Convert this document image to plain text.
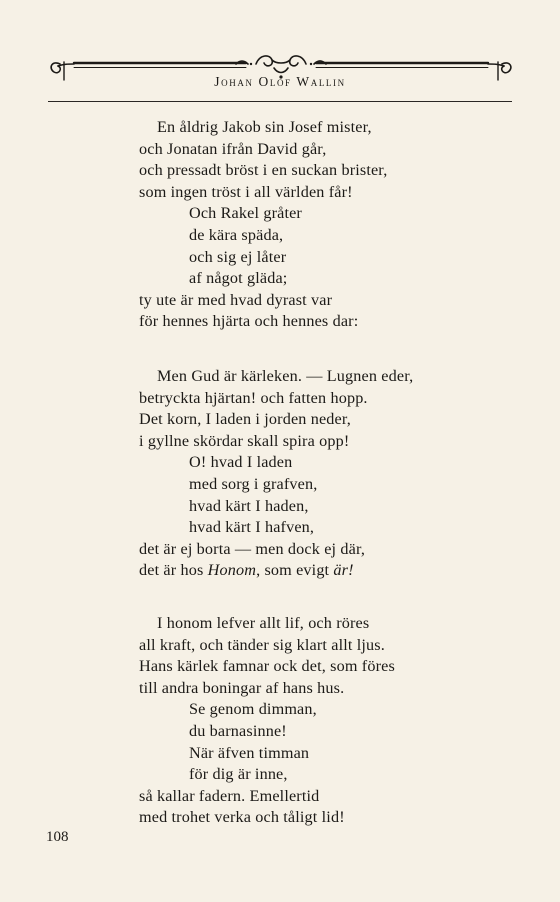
Johan Olof Wallin
En åldrig Jakob sin Josef mister,
och Jonatan ifrån David går,
och pressadt bröst i en suckan brister,
som ingen tröst i all världen får!
Och Rakel gråter
de kära späda,
och sig ej låter
af något gläda;
ty ute är med hvad dyrast var
för hennes hjärta och hennes dar:
Men Gud är kärleken. — Lugnen eder,
betryckta hjärtan! och fatten hopp.
Det korn, I laden i jorden neder,
i gyllne skördar skall spira opp!
O! hvad I laden
med sorg i grafven,
hvad kärt I haden,
hvad kärt I hafven,
det är ej borta — men dock ej där,
det är hos Honom, som evigt är!
I honom lefver allt lif, och röres
all kraft, och tänder sig klart allt ljus.
Hans kärlek famnar ock det, som föres
till andra boningar af hans hus.
Se genom dimman,
du barnasinne!
När äfven timman
för dig är inne,
så kallar fadern. Emellertid
med trohet verka och tåligt lid!
108
